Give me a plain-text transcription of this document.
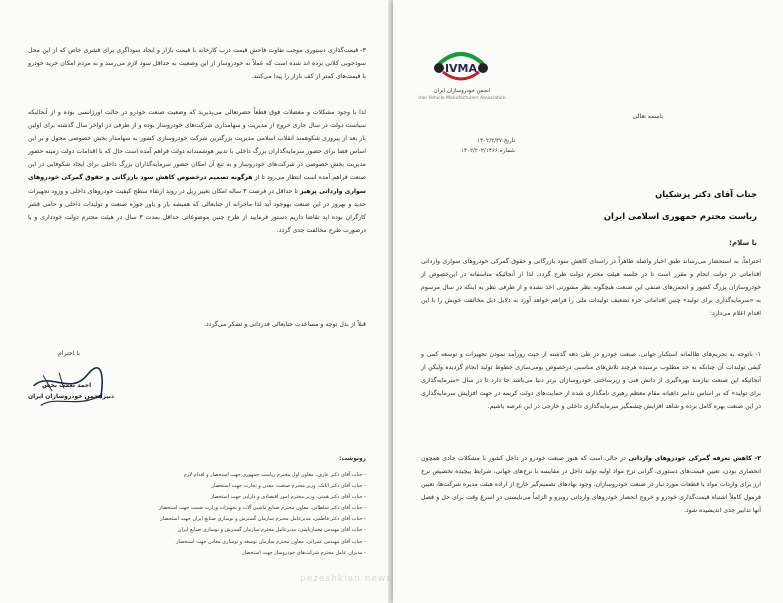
IVMA
انجمن خودروسازان ایران
Iran Vehicle Manufacturers Association
باسمه تعالی
تاریخ:۱۴۰۳/۲/۲۷
شماره:۱۴۰۲/۲۰۲/۱۴۶۶
جناب آقای دکتر پزشکیان
ریاست محترم جمهوری اسلامی ایران
با سلام؛

احتراماً، به استحضار می‌رساند طبق اخبار واصله ظاهراً در راستای کاهش سود بازرگانی و حقوق گمرکی خودروهای سواری وارداتی اقداماتی در دولت انجام و مقرر است تا در جلسه هیئت محترم دولت طرح گردد، لذا از آنجائیکه متاسفانه در این‌خصوص از خودروسازان بزرگ کشور و انجمن‌های صنفی این صنعت هیچگونه نظر مشورتی اخذ نشده و از طرفی نظر به اینکه در سال مرسوم به «سرمایه‌گذاری برای تولید» چنین اقداماتی جزء تضعیف تولیدات ملی را فراهم خواهد آورد به دلایل ذیل مخالفت خویش را با این اقدام اعلام می‌دارد:

۱- باتوجه به تحریم‌های ظالمانه استکبار جهانی، صنعت خودرو در طی دهه گذشته از حیث روزآمد نمودن تجهیزات و توسعه کمی و کیفی تولیدات آن چنانکه به حد مطلوب نرسیده هرچند تلاش‌های مناسبی درخصوص بومی‌سازی خطوط تولید انجام گردیده ولیکن از آنجائیکه این صنعت نیازمند بهره‌گیری از دانش فنی و زیرساختی خودروسازان برتر دنیا می‌باشد جا دارد تا در سال «سرمایه‌گذاری برای تولید» که بر اساس تدابیر داهیانه مقام معظم رهبری نامگذاری شده از حمایت‌های دولت کریمه در جهت افزایش سرمایه‌گذاری در این صنعت بهره کامل برده و شاهد افزایش چشمگیر سرمایه‌گذاری داخلی و خارجی در این عرصه باشیم.

۲- کاهش تعرفه گمرکی خودروهای وارداتی در حالی است که هنوز صنعت خودرو در داخل کشور با مشکلات حادی همچون انحصاری بودن، تعیین قیمت‌های دستوری، گرانی نرخ مواد اولیه تولید داخل در مقایسه با نرخ‌های جهانی، شرایط پیچیده تخصیص نرخ ارز برای واردات مواد یا قطعات مورد نیاز در صنعت خودروسازان، وجود نهادهای تصمیم‌گیر خارج از اراده هیئت مدیره شرکت‌ها، تعیین فرمول کاملاً اشتباه قیمت‌گذاری خودرو و خروج انحصار خودروهای وارداتی روبرو و الزاماً می‌بایستی در اسرع وقت برای حل و فصل آنها تدابیر جدی اندیشیده شود.

۳- قیمت‌گذاری دستوری موجب تفاوت فاحش قیمت درب کارخانه با قیمت بازار و ایجاد سوداگری برای قشری خاص که از این محل سودجویی کلانی برده اند شده است که عملاً نه خودروساز از این وضعیت به حداقل سود لازم می‌رسد و نه مردم امکان خرید خودرو با قیمت‌های کمتر از کف بازار را پیدا می‌کنند.

لذا با وجود مشکلات و معضلات فوق قطعاً حضرتعالی می‌پذیرید که وضعیت صنعت خودرو در حالت اورژانسی بوده و از آنجائیکه سیاست دولت در سال جاری خروج از مدیریت و سهامداری شرکت‌های خودروساز بوده و از طرفی در اواخر سال گذشته برای اولین بار بعد از پیروزی شکوهمند انقلاب اسلامی مدیریت بزرگترین شرکت خودروسازی کشور به سهامدار بخش خصوصی محول و بر این اساس فضا برای حضور سرمایه‌گذاران بزرگ داخلی با تدبیر هوشمندانه دولت فراهم آمده است حال که با اقدامات دولت زمینه حضور مدیریت بخش خصوصی در شرکت‌های خودروساز و به تبع آن امکان حضور سرمایه‌گذاران بزرگ داخلی برای ایجاد شکوفایی در این صنعت فراهم آمده است انتظار می‌رود تا از هرگونه تصمیم درخصوص کاهش سود بازرگانی و حقوق گمرکی خودروهای سواری وارداتی پرهیز تا حداقل در فرصت ۳ ساله امکان تغییر ریل در روند ارتقاء سطح کیفیت خودروهای داخلی و ورود تجهیزات جدید و بهروز در این صنعت بهوجود آید لذا ماجرانه از جنابعالی که همیشه یار و یاور حوزه صنعت و تولیدات داخلی و حامی قشر کارگران بوده اید تقاضا داریم دستور فرمایید از طرح چنین موضوعاتی حداقل بمدت ۳ سال در هیئت محترم دولت خودداری و یا درصورت طرح مخالفت جدی گردد.

قبلاً از بذل توجه و مساعدت جنابعالی قدردانی و تشکر می‌گردد.

با احترام
احمد نعمت بخش
دبیرانجمن خودروسازان ایران
رونوشت:
- جناب آقای دکتر عارف، معاون اول محترم ریاست جمهوری جهت استحضار و اقدام لازم
- جناب آقای دکتر اتابک، وزیر محترم صنعت، معدن و تجارت جهت استحضار
- جناب آقای دکتر همتی، وزیر محترم امور اقتصادی و دارایی جهت استحضار
- جناب آقای دکتر سلطانی، معاون محترم صنایع ماشین آلات و تجهیزات وزارت صمت جهت استحضار
- جناب آقای دکتر فاطمی، مدیرعامل محترم سازمان گسترش و نوسازی صنایع ایران جهت استحضار
- جناب آقای مهندس معمارباشی، مدیرعامل محترم سازمان گسترش و نوسازی صنایع ایران
- جناب آقای مهندس عمرانی، معاون محترم سازمان توسعه و نوسازی معادن جهت استحضار
- مدیران عامل محترم شرکت‌های خودروساز جهت استحضار
pezeshkian news
